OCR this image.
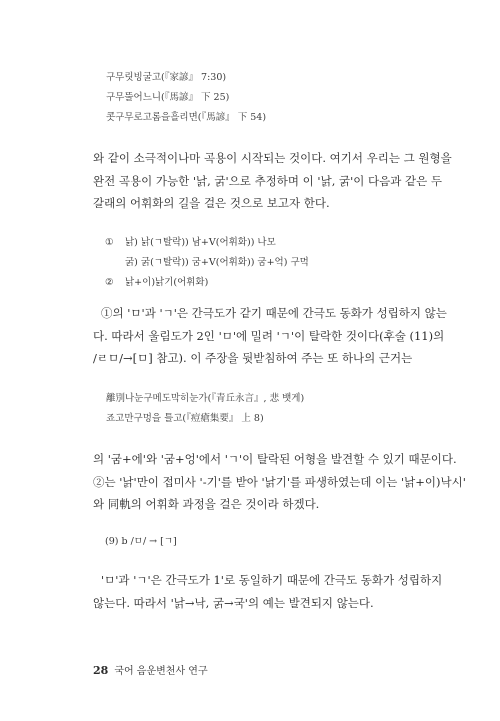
구무릿빙굴고(『家諺』 7:30)
구무뚤어느니(『馬諺』 下 25)
콧구무로고롬을흘리면(『馬諺』 下 54)
와 같이 소극적이나마 곡용이 시작되는 것이다. 여기서 우리는 그 원형을
완전 곡용이 가능한 '낡, 굵'으로 추정하며 이 '낡, 굵'이 다음과 같은 두
갈래의 어휘화의 길을 걸은 것으로 보고자 한다.
① 낡) 낡(ㄱ탈락)) 남+V(어휘화)) 나모
굵) 굵(ㄱ탈락)) 굼+V(어휘화)) 굼+억) 구먹
② 낡+이)낡기(어휘화)
①의 'ㅁ'과 'ㄱ'은 간극도가 같기 때문에 간극도 동화가 성립하지 않는
다. 따라서 울림도가 2인 'ㅁ'에 밀려 'ㄱ'이 탈락한 것이다(후술 (11)의
/ㄹㅁ/→[ㅁ] 참고). 이 주장을 뒷받침하여 주는 또 하나의 근거는
離別나눈구메도막히눈가(『青丘永言』, 悲 뱃게)
죠고만구멍을 틀고(『痘瘡集要』 上 8)
의 '굼+에'와 '굼+엉'에서 'ㄱ'이 탈락된 어형을 발견할 수 있기 때문이다.
②는 '낡'만이 접미사 '-기'를 받아 '낡기'를 파생하였는데 이는 '낡+이)낙시'
와 同軌의 어휘화 과정을 걸은 것이라 하겠다.
(9) b /ㅁ/ → [ㄱ]
'ㅁ'과 'ㄱ'은 간극도가 1'로 동일하기 때문에 간극도 동화가 성립하지
않는다. 따라서 '낡→낙, 굵→국'의 예는 발견되지 않는다.
28 국어 음운변천사 연구
